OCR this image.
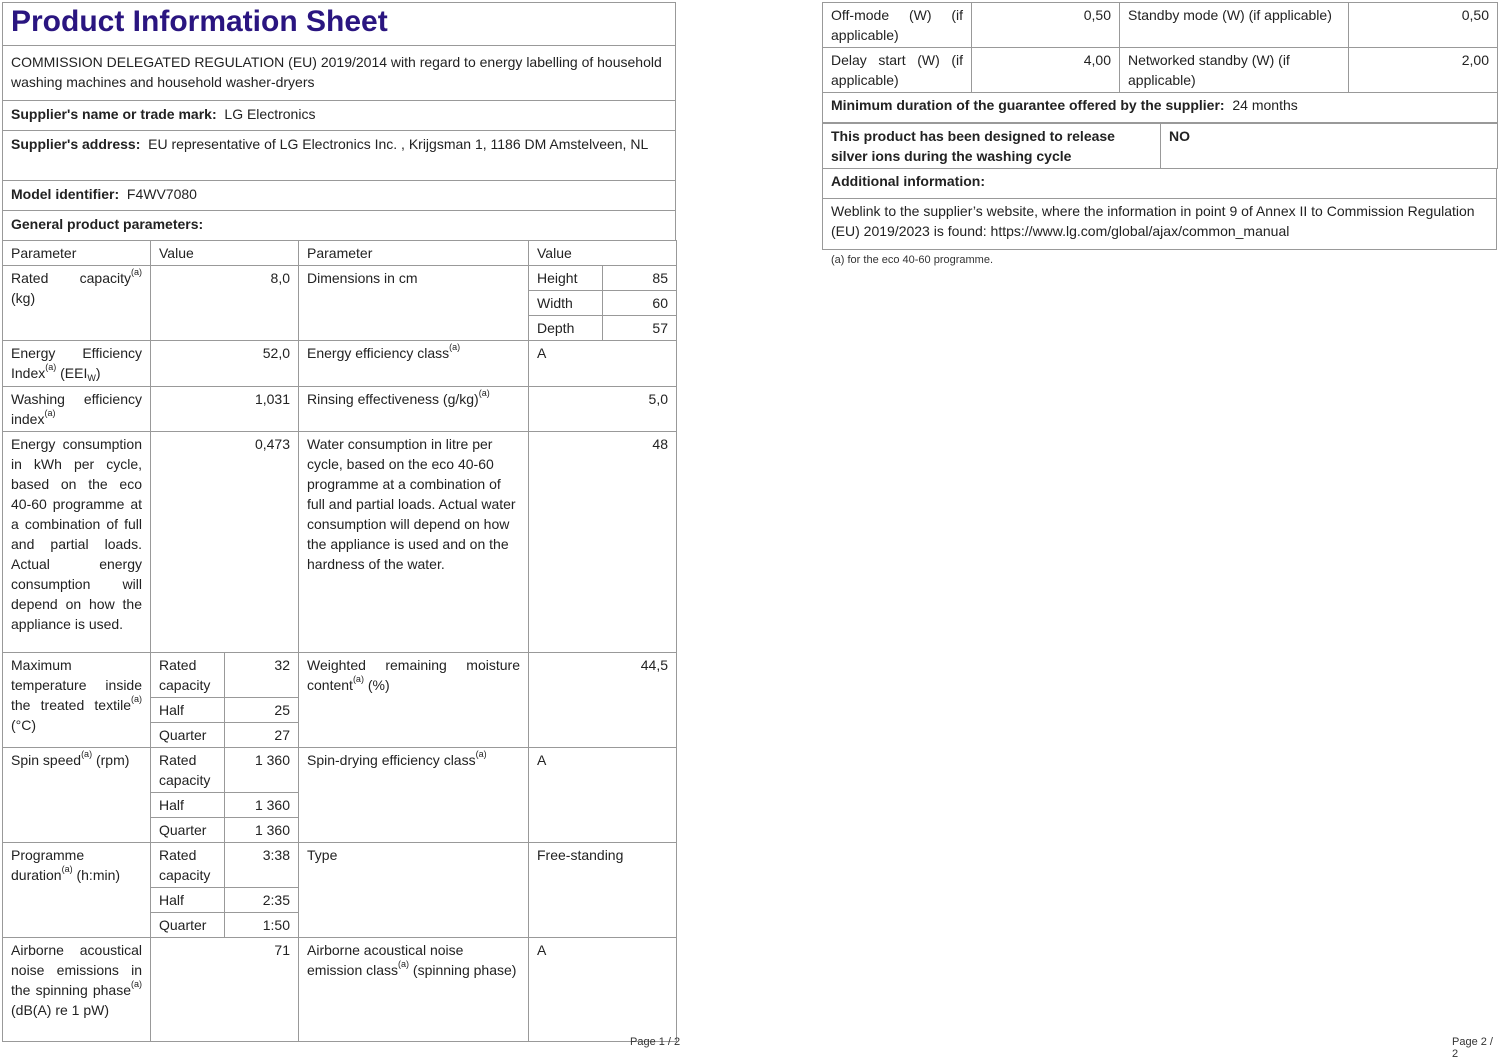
Product Information Sheet
COMMISSION DELEGATED REGULATION (EU) 2019/2014 with regard to energy labelling of household washing machines and household washer-dryers
Supplier's name or trade mark: LG Electronics
Supplier's address: EU representative of LG Electronics Inc. , Krijgsman 1, 1186 DM Amstelveen, NL
Model identifier: F4WV7080
General product parameters:
Parameter	Value		Parameter	Value	
Rated capacity$^{(a)}$ (kg)	8,0		Dimensions in cm	Height	85
				Width	60
				Depth	57
Energy Efficiency Index$^{(a)}$ (EEIW)	52,0		Energy efficiency class$^{(a)}$	A	
Washing efficiency index$^{(a)}$	1,031		Rinsing effectiveness $(g/kg)^{(a)}$	5,0	
Energy consumption in kWh per cycle, based on the eco 40-60 programme at a combination of full and partial loads. Actual energy consumption will depend on how the appliance is used.	0,473		Water consumption in litre per cycle, based on the eco 40-60 programme at a combination of full and partial loads. Actual water consumption will depend on how the appliance is used and on the hardness of the water.	48	
Maximum temperature inside the treated textile$^{(a)}$ (°C)	Rated capacity	32	Weighted remaining moisture content$^{(a)}$ (%)	44,5	
	Half	25			
	Quarter	27			
Spin speed$^{(a)}$ (rpm)	Rated capacity	1 360	Spin-drying efficiency class$^{(a)}$	A	
	Half	1 360			
	Quarter	1 360			
Programme duration$^{(a)}$ (h:min)	Rated capacity	3:38	Type	Free-standing	
	Half	2:35			
	Quarter	1:50			
Airborne acoustical noise emissions in the spinning phase$^{(a)}$ (dB(A) re 1 pW)	71		Airborne acoustical noise emission class$^{(a)}$ (spinning phase)	A	
Off-mode (W) (if applicable)	0,50	Standby mode (W) (if applicable)	0,50
Delay start (W) (if applicable)	4,00	Networked standby (W) (if applicable)	2,00
Minimum duration of the guarantee offered by the supplier: 24 months			
This product has been designed to release silver ions during the washing cycle	NO
Additional information:
Weblink to the supplier’s website, where the information in point 9 of Annex II to Commission Regulation (EU) 2019/2023 is found: https://www.lg.com/global/ajax/common_manual
(a) for the eco 40-60 programme.
Page 1 / 2	Page 2 / 2
